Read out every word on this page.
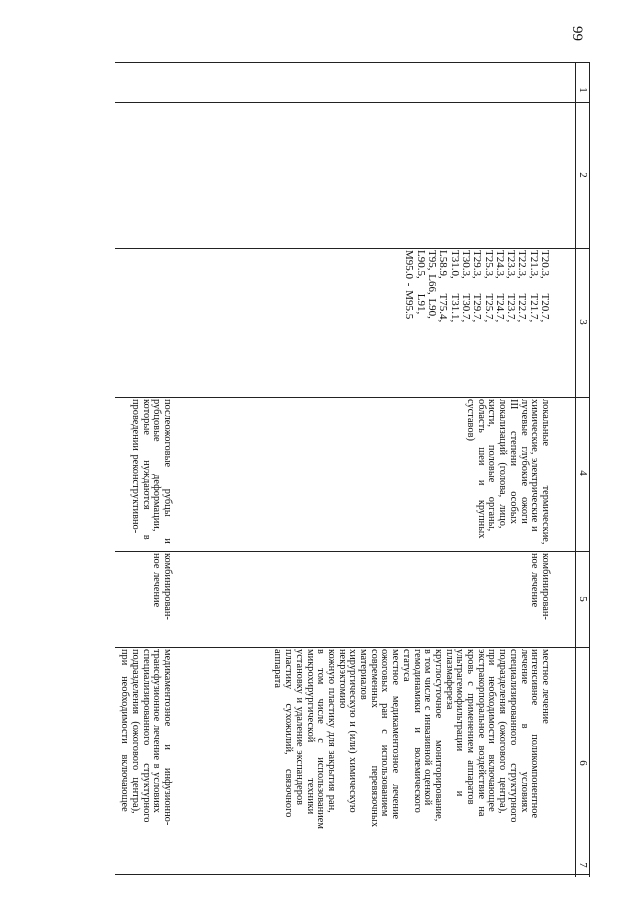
99
1
2
3
4
5
6
7
T20.3,    T20.7,
T21.3,    T21.7,
T22.3,    T22.7,
T23.3,    T23.7,
T24.3,    T24.7,
T25.3,    T25.7,
T29.3,    T29.7,
T30.3,    T30.7,
T31.0,    T31.1,
L58.9,    T75.4,
T95, L66, L90,
L90.5,    L91,
M95.0 - M95.5
локальные           термические,
химические, электрические и
лучевые   глубокие   ожоги
III      степени       особых
локализаций  (голова,  лицо,
кисти,     половые    органы,
область    шеи    и    крупных
суставов)
комбинирован-
ное лечение
местное лечение
интенсивное        поликомпонентное
лечение           в            условиях
специализированного     структурного
подразделения  (ожогового  центра),
при   необходимости   включающее
экстракорпоральное  воздействие  на
кровь  с  применением  аппаратов
ультрагемофильтрации           и
плазмафереза
круглосуточное      мониторирование,
в том числе с инвазивной оценкой
гемодинамики    и    волемического
статуса
местное   медикаментозное   лечение
ожоговых   ран   с   использованием
современных                перевязочных
материалов
хирургическую и (или) химическую
некрэктомию
кожную пластику для закрытия ран,
в    том    числе    с    использованием
микрохирургической          техники
установку и удаление экспандеров
пластику    сухожилий,    связочного
аппарата
послеожоговые      рубцы      и
рубцовые         деформации,
которые       нуждаются       в
проведении реконструктивно-
комбинирован-
ное лечение
медикаментозное     и     инфузионно-
трансфузионное лечение в условиях
специализированного     структурного
подразделения  (ожогового  центра),
при   необходимости   включающее
